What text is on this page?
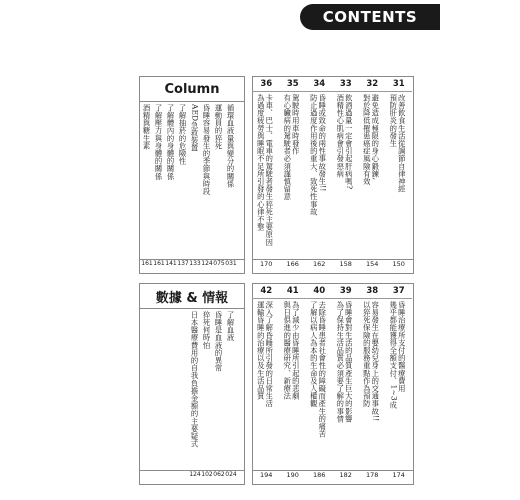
CONTENTS
Column
數據 & 情報
31
改善飲食生活從調節自律神經
預防肝炎的發生
150
32
避免造成極限的身心鍛鍊,
對於降低罹患癌症風險有效
154
33
飲酒過量一定會引起肝病嗎?
酒精性心肌病會引發惡病
158
34
昏睡或致命的兩性事故發生!!
防止過度作用後的重大、致死性事故
162
35
駕駛時用車時發作
有心臟病的駕駛者必須謹慎留意
166
36
卡車、巴士、電車的駕駛者發生猝死主要原因
為過度疲勞與睡眠不足所引發的心律不整
170
37
昏睡治療所支付的醫療費用
幾乎都能獲得全額支付、1∼3成
174
38
容易發生在嬰幼兒身上的交通事故!!
以猝死保險的服務重點作為預防
178
39
昏睡會對生活的品質產生巨大的影響
為了保持生活品質必須要了解的事情
182
40
去除昏睡患者社會性的障礙而產生的痛苦
了解以病人為本的生命及人權觀
186
41
為了減少由昏睡所引起的悲劇
與日俱進的醫療研究、新療法
190
42
深入了解昏睡所引發的日常生活
運輸昏睡的治療以及生活品質
194
循環血液量與變分的關係
031
運動員的猝死
075
昏睡容易發生的季節與時段
124
AED急救裝置
133
了解抽菸的危險性
137
了解體內的身體的關係
141
了解壓力與身體的關係
161
酒精與糖生素
161
了解血液
024
昏睡是血液的異常
062
猝死何時怕
102
日本醫療費用的自我負擔金額的主要疑式
124
